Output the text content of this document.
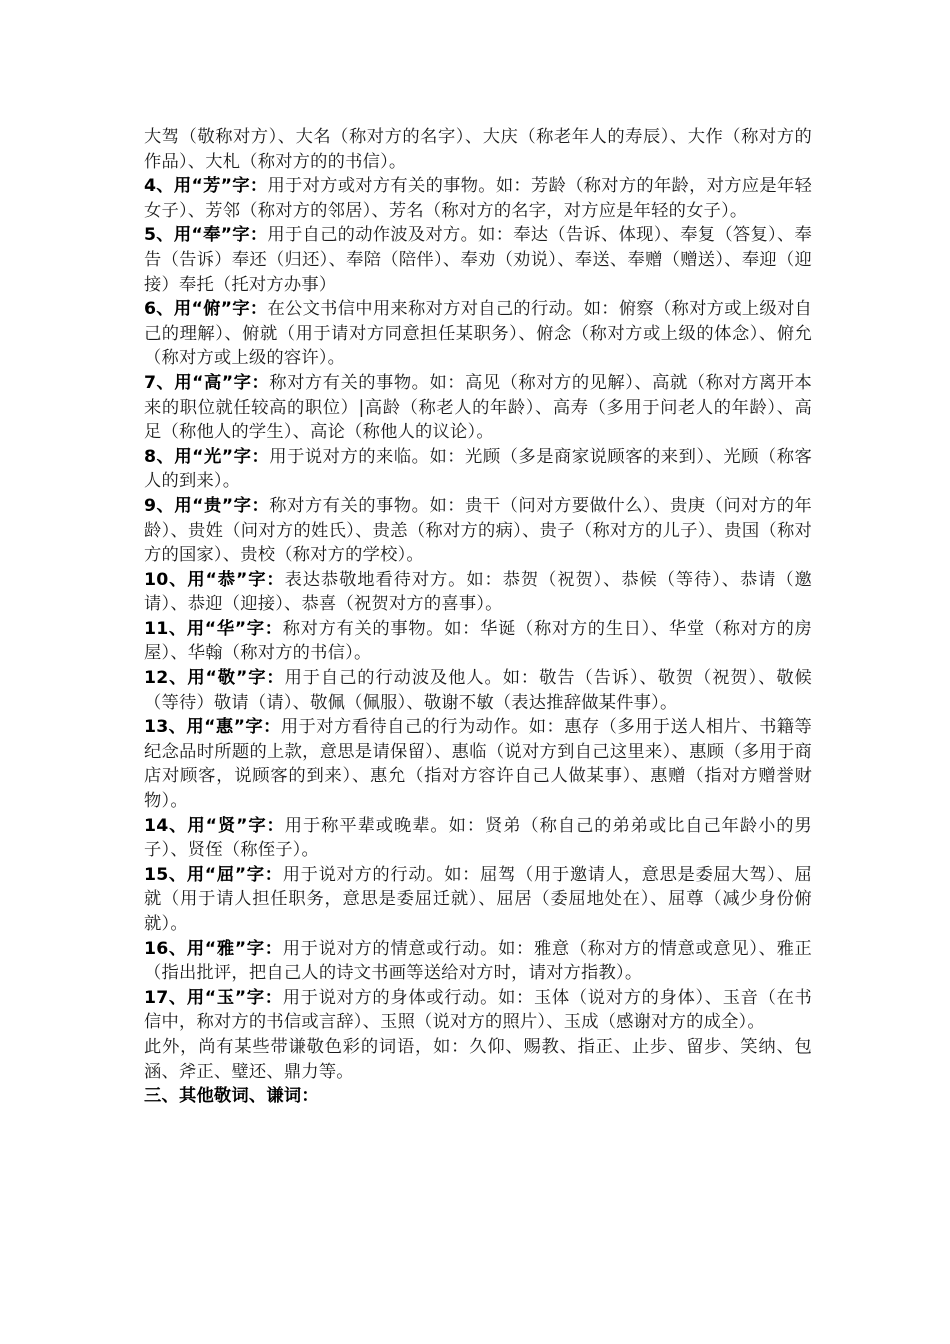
大驾（敬称对方）、大名（称对方的名字）、大庆（称老年人的寿辰）、大作（称对方的作品）、大札（称对方的的书信）。

4、用“芳”字：用于对方或对方有关的事物。如：芳龄（称对方的年龄，对方应是年轻女子）、芳邻（称对方的邻居）、芳名（称对方的名字，对方应是年轻的女子）。

5、用“奉”字：用于自己的动作波及对方。如：奉达（告诉、体现）、奉复（答复）、奉告（告诉）奉还（归还）、奉陪（陪伴）、奉劝（劝说）、奉送、奉赠（赠送）、奉迎（迎接）奉托（托对方办事）

6、用“俯”字：在公文书信中用来称对方对自己的行动。如：俯察（称对方或上级对自己的理解）、俯就（用于请对方同意担任某职务）、俯念（称对方或上级的体念）、俯允（称对方或上级的容许）。

7、用“高”字：称对方有关的事物。如：高见（称对方的见解）、高就（称对方离开本来的职位就任较高的职位）|高龄（称老人的年龄）、高寿（多用于问老人的年龄）、高足（称他人的学生）、高论（称他人的议论）。

8、用“光”字：用于说对方的来临。如：光顾（多是商家说顾客的来到）、光顾（称客人的到来）。

9、用“贵”字：称对方有关的事物。如：贵干（问对方要做什么）、贵庚（问对方的年龄）、贵姓（问对方的姓氏）、贵恙（称对方的病）、贵子（称对方的儿子）、贵国（称对方的国家）、贵校（称对方的学校）。

10、用“恭”字：表达恭敬地看待对方。如：恭贺（祝贺）、恭候（等待）、恭请（邀请）、恭迎（迎接）、恭喜（祝贺对方的喜事）。

11、用“华”字：称对方有关的事物。如：华诞（称对方的生日）、华堂（称对方的房屋）、华翰（称对方的书信）。

12、用“敬”字：用于自己的行动波及他人。如：敬告（告诉）、敬贺（祝贺）、敬候（等待）敬请（请）、敬佩（佩服）、敬谢不敏（表达推辞做某件事）。

13、用“惠”字：用于对方看待自己的行为动作。如：惠存（多用于送人相片、书籍等纪念品时所题的上款，意思是请保留）、惠临（说对方到自己这里来）、惠顾（多用于商店对顾客，说顾客的到来）、惠允（指对方容许自己人做某事）、惠赠（指对方赠誉财物）。

14、用“贤”字：用于称平辈或晚辈。如：贤弟（称自己的弟弟或比自己年龄小的男子）、贤侄（称侄子）。

15、用“屈”字：用于说对方的行动。如：屈驾（用于邀请人，意思是委屈大驾）、屈就（用于请人担任职务，意思是委屈迁就）、屈居（委屈地处在）、屈尊（减少身份俯就）。

16、用“雅”字：用于说对方的情意或行动。如：雅意（称对方的情意或意见）、雅正（指出批评，把自己人的诗文书画等送给对方时，请对方指教）。

17、用“玉”字：用于说对方的身体或行动。如：玉体（说对方的身体）、玉音（在书信中，称对方的书信或言辞）、玉照（说对方的照片）、玉成（感谢对方的成全）。

此外，尚有某些带谦敬色彩的词语，如：久仰、赐教、指正、止步、留步、笑纳、包涵、斧正、璧还、鼎力等。

三、其他敬词、谦词：
